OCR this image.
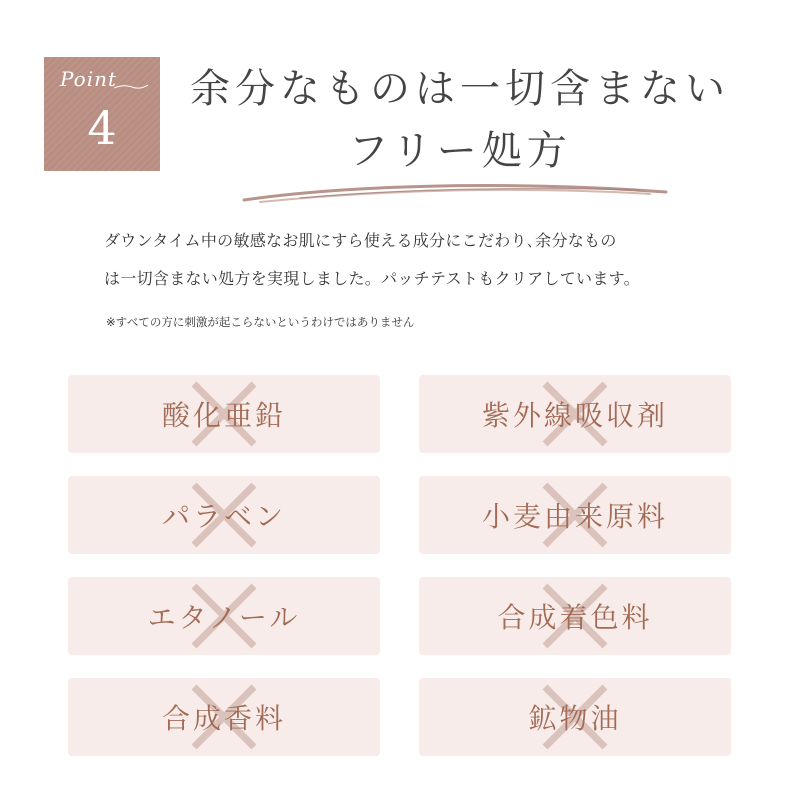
Point
4
余分なものは一切含まない
フリー処方
ダウンタイム中の敏感なお肌にすら使える成分にこだわり､余分なもの
は一切含まない処方を実現しました。パッチテストもクリアしています。
※すべての方に刺激が起こらないというわけではありません
酸化亜鉛	紫外線吸収剤
パラベン	小麦由来原料
エタノール	合成着色料
合成香料	鉱物油
